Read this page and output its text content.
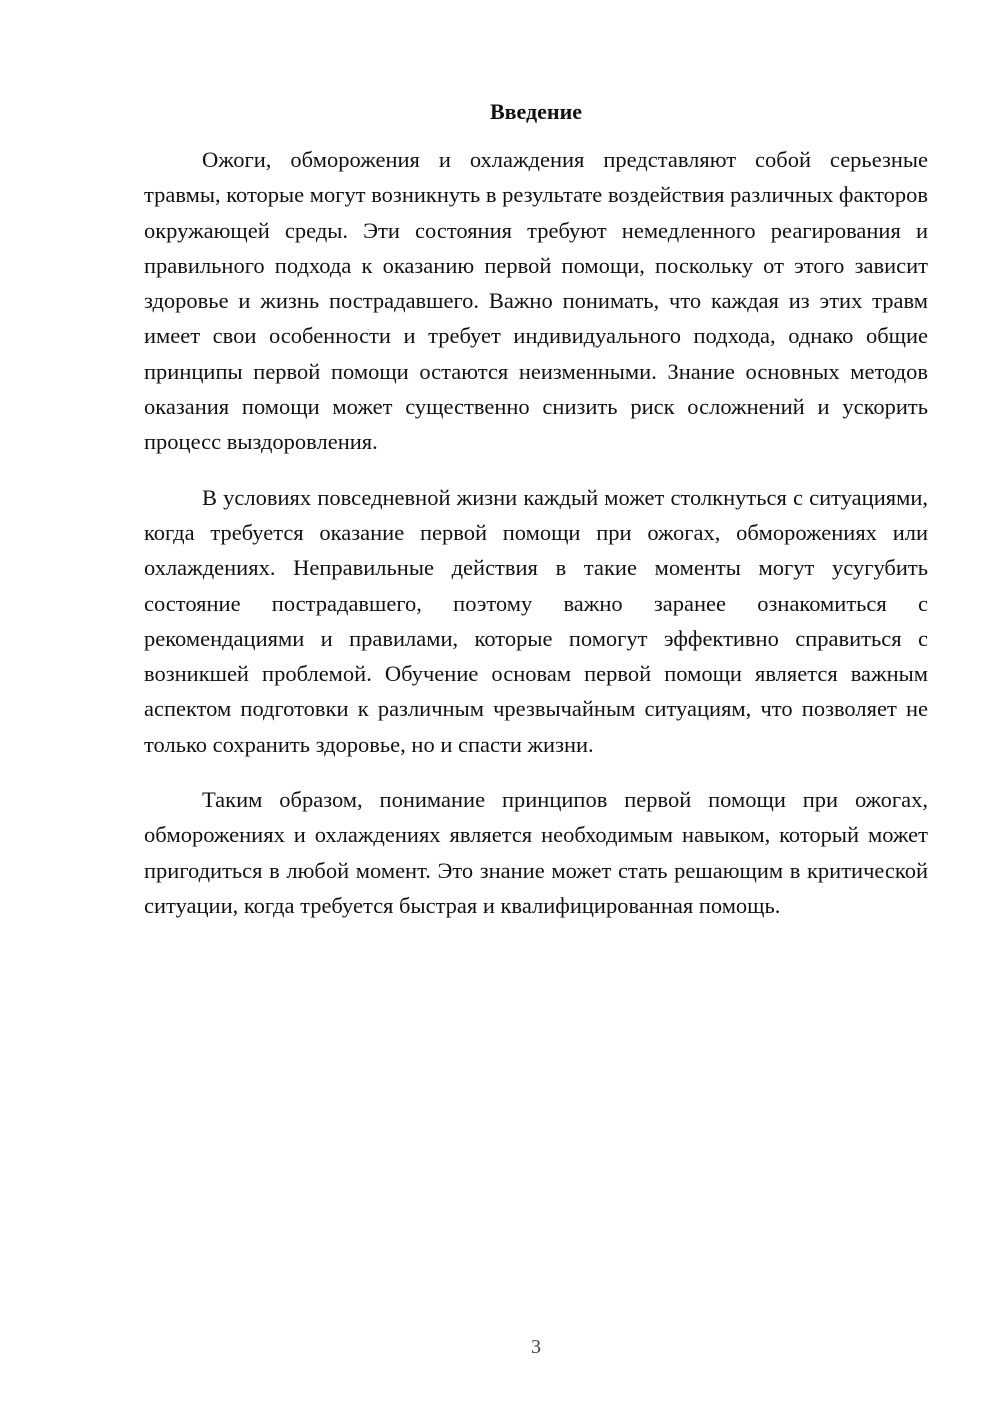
Введение

Ожоги, обморожения и охлаждения представляют собой серьезные травмы, которые могут возникнуть в результате воздействия различных факторов окружающей среды. Эти состояния требуют немедленного реагирования и правильного подхода к оказанию первой помощи, поскольку от этого зависит здоровье и жизнь пострадавшего. Важно понимать, что каждая из этих травм имеет свои особенности и требует индивидуального подхода, однако общие принципы первой помощи остаются неизменными. Знание основных методов оказания помощи может существенно снизить риск осложнений и ускорить процесс выздоровления.

В условиях повседневной жизни каждый может столкнуться с ситуациями, когда требуется оказание первой помощи при ожогах, обморожениях или охлаждениях. Неправильные действия в такие моменты могут усугубить состояние пострадавшего, поэтому важно заранее ознакомиться с рекомендациями и правилами, которые помогут эффективно справиться с возникшей проблемой. Обучение основам первой помощи является важным аспектом подготовки к различным чрезвычайным ситуациям, что позволяет не только сохранить здоровье, но и спасти жизни.

Таким образом, понимание принципов первой помощи при ожогах, обморожениях и охлаждениях является необходимым навыком, который может пригодиться в любой момент. Это знание может стать решающим в критической ситуации, когда требуется быстрая и квалифицированная помощь.

3
